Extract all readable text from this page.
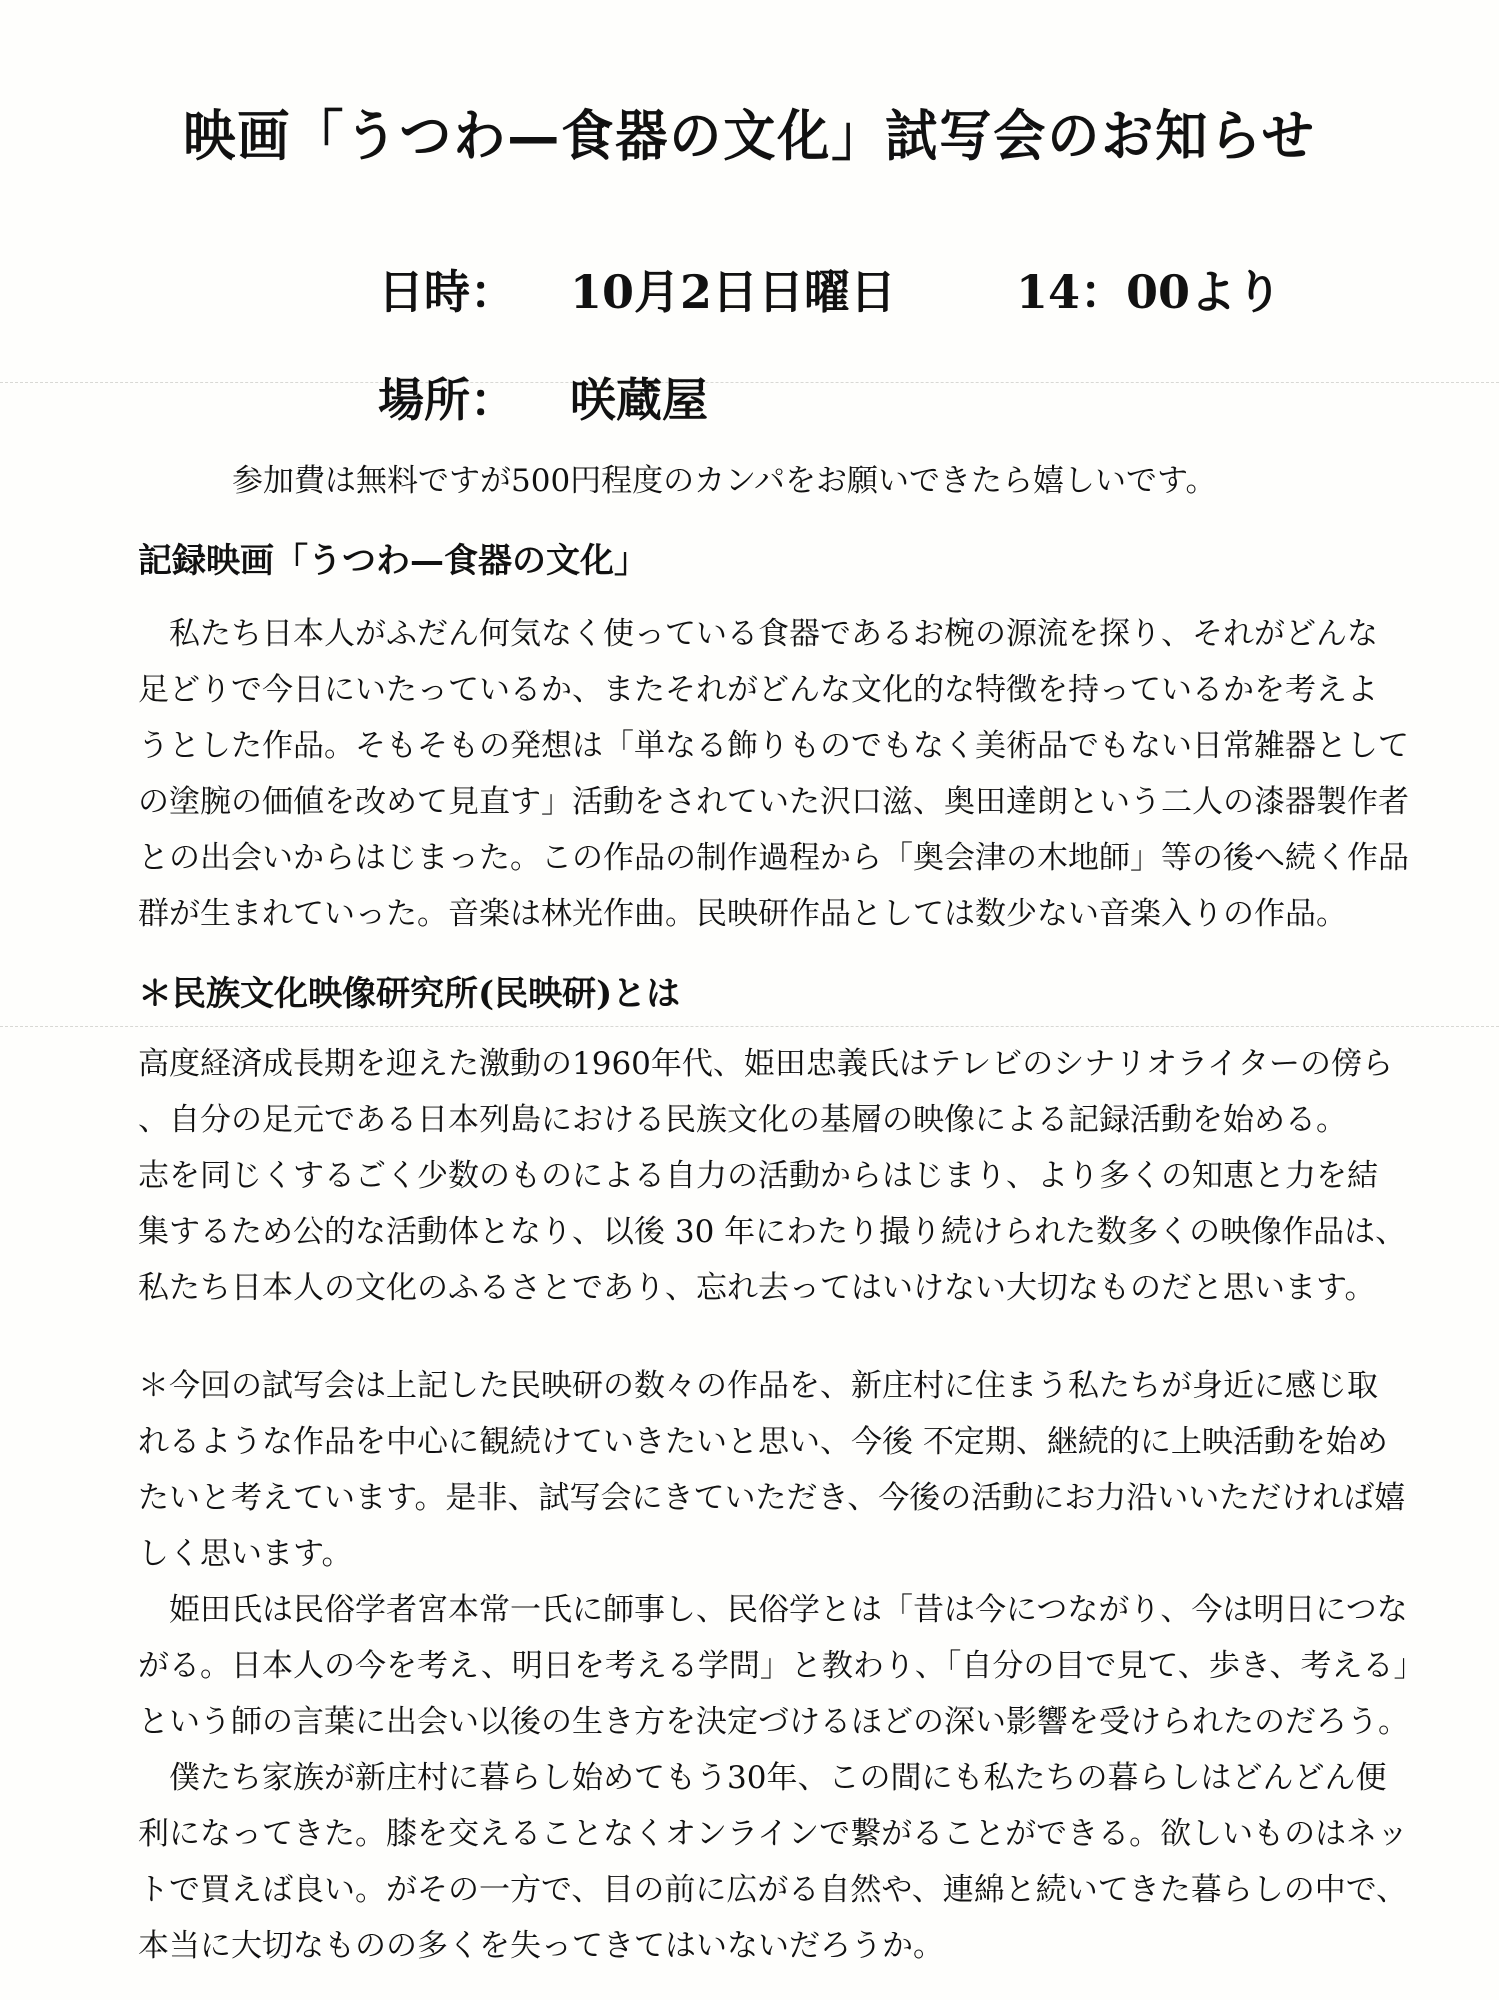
映画「うつわ—食器の文化」試写会のお知らせ
日時： 10月2日日曜日	14：00より
場所： 咲蔵屋
参加費は無料ですが500円程度のカンパをお願いできたら嬉しいです。
記録映画「うつわ—食器の文化」
　私たち日本人がふだん何気なく使っている食器であるお椀の源流を探り、それがどんな
足どりで今日にいたっているか、またそれがどんな文化的な特徴を持っているかを考えよ
うとした作品。そもそもの発想は「単なる飾りものでもなく美術品でもない日常雑器として
の塗腕の価値を改めて見直す」活動をされていた沢口滋、奥田達朗という二人の漆器製作者
との出会いからはじまった。この作品の制作過程から「奥会津の木地師」等の後へ続く作品
群が生まれていった。音楽は林光作曲。民映研作品としては数少ない音楽入りの作品。
＊民族文化映像研究所(民映研)とは
高度経済成長期を迎えた激動の1960年代、姫田忠義氏はテレビのシナリオライターの傍ら
、自分の足元である日本列島における民族文化の基層の映像による記録活動を始める。
志を同じくするごく少数のものによる自力の活動からはじまり、より多くの知恵と力を結
集するため公的な活動体となり、以後 30 年にわたり撮り続けられた数多くの映像作品は、
私たち日本人の文化のふるさとであり、忘れ去ってはいけない大切なものだと思います。
＊今回の試写会は上記した民映研の数々の作品を、新庄村に住まう私たちが身近に感じ取
れるような作品を中心に観続けていきたいと思い、今後 不定期、継続的に上映活動を始め
たいと考えています。是非、試写会にきていただき、今後の活動にお力沿いいただければ嬉
しく思います。
　姫田氏は民俗学者宮本常一氏に師事し、民俗学とは「昔は今につながり、今は明日につな
がる。日本人の今を考え、明日を考える学問」と教わり、「自分の目で見て、歩き、考える」
という師の言葉に出会い以後の生き方を決定づけるほどの深い影響を受けられたのだろう。
　僕たち家族が新庄村に暮らし始めてもう30年、この間にも私たちの暮らしはどんどん便
利になってきた。膝を交えることなくオンラインで繋がることができる。欲しいものはネッ
トで買えば良い。がその一方で、目の前に広がる自然や、連綿と続いてきた暮らしの中で、
本当に大切なものの多くを失ってきてはいないだろうか。
